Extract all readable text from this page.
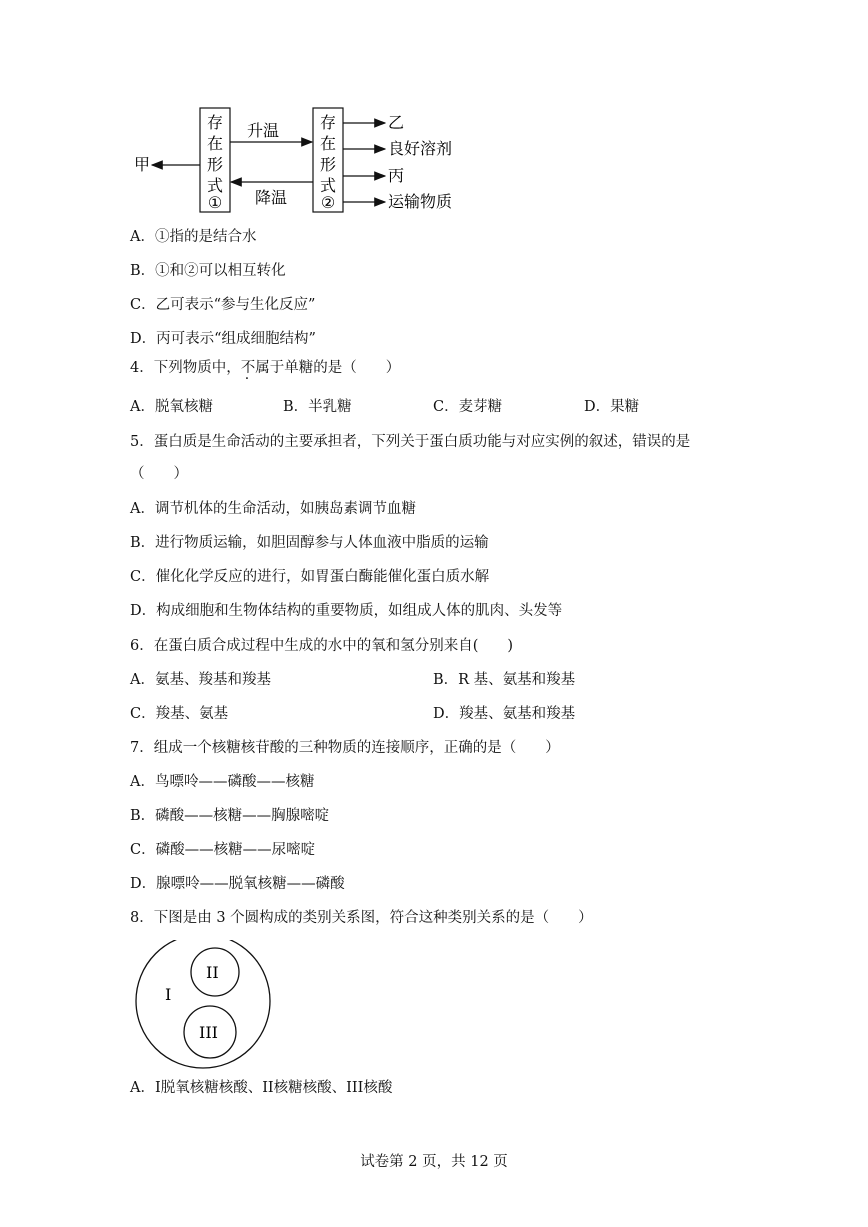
存
在
形
式
①
存
在
形
式
②
甲
升温
降温
乙
良好溶剂
丙
运输物质
A．①指的是结合水
B．①和②可以相互转化
C．乙可表示“参与生化反应”
D．丙可表示“组成细胞结构”
4．下列物质中，不属于单糖的是（　　）
A．脱氧核糖	B．半乳糖	C．麦芽糖	D．果糖
5．蛋白质是生命活动的主要承担者，下列关于蛋白质功能与对应实例的叙述，错误的是
（　　）
A．调节机体的生命活动，如胰岛素调节血糖
B．进行物质运输，如胆固醇参与人体血液中脂质的运输
C．催化化学反应的进行，如胃蛋白酶能催化蛋白质水解
D．构成细胞和生物体结构的重要物质，如组成人体的肌肉、头发等
6．在蛋白质合成过程中生成的水中的氧和氢分别来自(　　)
A．氨基、羧基和羧基	B．R 基、氨基和羧基
C．羧基、氨基	D．羧基、氨基和羧基
7．组成一个核糖核苷酸的三种物质的连接顺序，正确的是（　　）
A．鸟嘌呤——磷酸——核糖
B．磷酸——核糖——胸腺嘧啶
C．磷酸——核糖——尿嘧啶
D．腺嘌呤——脱氧核糖——磷酸
8．下图是由 3 个圆构成的类别关系图，符合这种类别关系的是（　　）
I
II
III
A．I脱氧核糖核酸、II核糖核酸、III核酸
试卷第 2 页，共 12 页
